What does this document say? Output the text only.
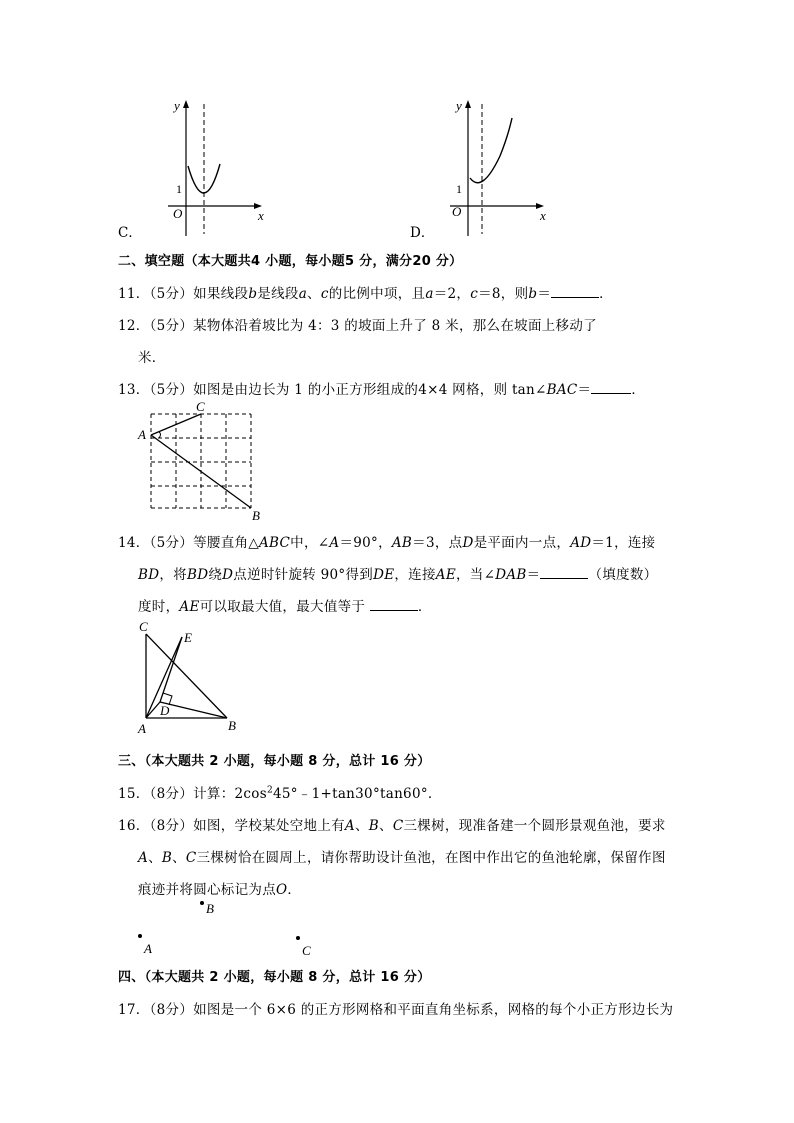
C．
y
x
O
1
D．
y
x
O
1
二、填空题（本大题共4 小题，每小题5 分，满分20 分）
11．（5分）如果线段b是线段a、c的比例中项，且a＝2，c＝8，则b＝	．
12．（5分）某物体沿着坡比为 4：3 的坡面上升了 8 米，那么在坡面上移动了
米．
13．（5分）如图是由边长为 1 的小正方形组成的4×4 网格，则 tan∠BAC＝	．
A
C
B
14．（5分）等腰直角△ABC中，∠A＝90°，AB＝3，点D是平面内一点，AD＝1，连接
BD，将BD绕D点逆时针旋转 90°得到DE，连接AE，当∠DAB＝	（填度数）
度时，AE可以取最大值，最大值等于	．
C
E
D
A	B
三、（本大题共 2 小题，每小题 8 分，总计 16 分）
15．（8分）计算：$2\cos^245^\circ﹣1+\tan 30^\circ\tan 60^\circ$．
16．（8分）如图，学校某处空地上有A、B、C三棵树，现准备建一个圆形景观鱼池，要求
A、B、C三棵树恰在圆周上，请你帮助设计鱼池，在图中作出它的鱼池轮廓，保留作图
痕迹并将圆心标记为点O．
B
A	C
四、（本大题共 2 小题，每小题 8 分，总计 16 分）
17．（8分）如图是一个 6×6 的正方形网格和平面直角坐标系，网格的每个小正方形边长为
